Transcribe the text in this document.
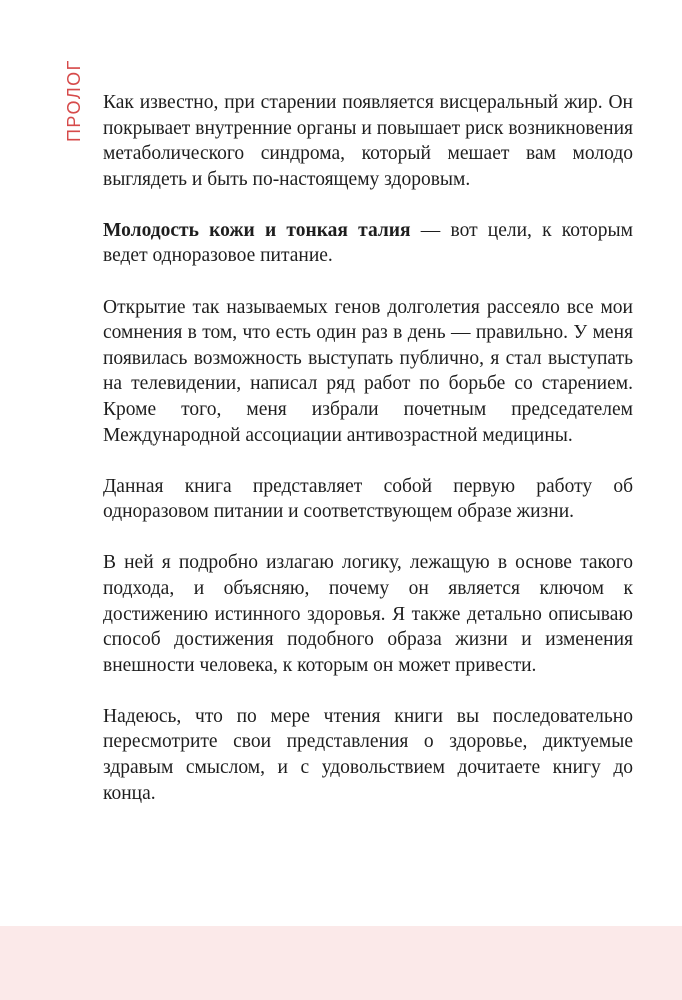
ПРОЛОГ Как известно, при старении появляется висцеральный жир. Он покрывает внутренние органы и повышает риск возникновения метаболического синдрома, который мешает вам молодо выглядеть и быть по-настоящему здоровым.

Молодость кожи и тонкая талия — вот цели, к которым ведет одноразовое питание.

Открытие так называемых генов долголетия рассеяло все мои сомнения в том, что есть один раз в день — правильно. У меня появилась возможность выступать публично, я стал выступать на телевидении, написал ряд работ по борьбе со старением. Кроме того, меня избрали почетным председателем Международной ассоциации антивозрастной медицины.

Данная книга представляет собой первую работу об одноразовом питании и соответствующем образе жизни.

В ней я подробно излагаю логику, лежащую в основе такого подхода, и объясняю, почему он является ключом к достижению истинного здоровья. Я также детально описываю способ достижения подобного образа жизни и изменения внешности человека, к которым он может привести.

Надеюсь, что по мере чтения книги вы последовательно пересмотрите свои представления о здоровье, диктуемые здравым смыслом, и с удовольствием дочитаете книгу до конца.
